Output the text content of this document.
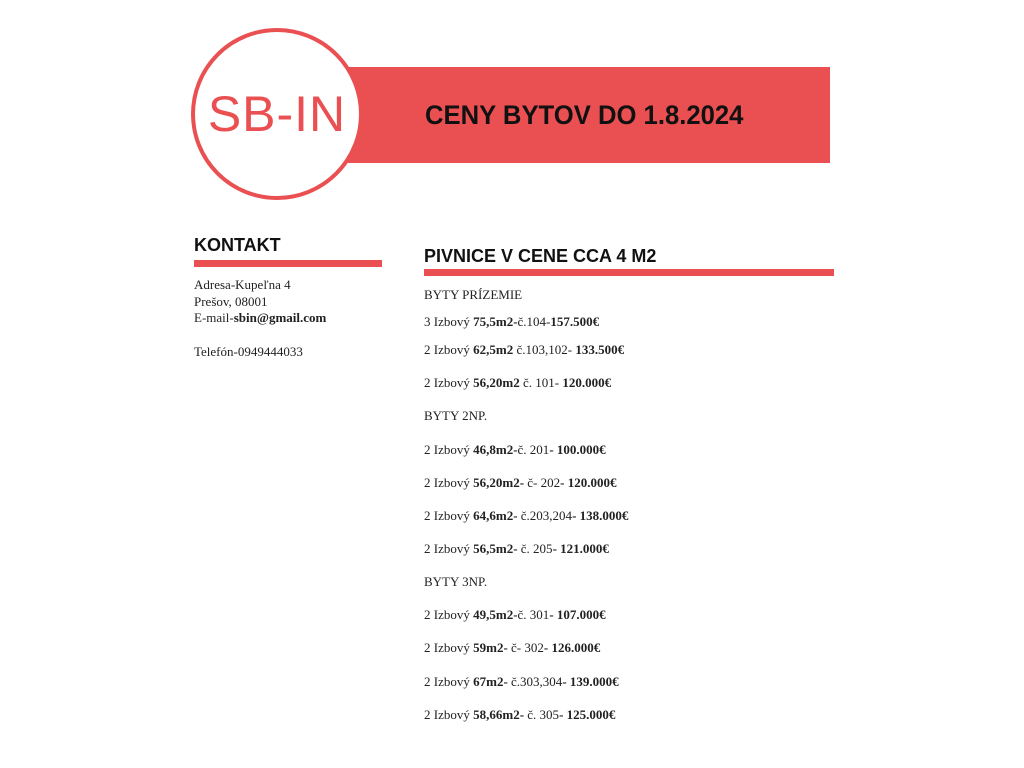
CENY BYTOV DO 1.8.2024
SB-IN
KONTAKT
Adresa-Kupeľna 4
Prešov, 08001
E-mail-sbin@gmail.com
Telefón-0949444033
PIVNICE V CENE CCA 4 M2
BYTY PRÍZEMIE
3 Izbový 75,5m2-č.104-157.500€
2 Izbový 62,5m2 č.103,102- 133.500€
2 Izbový 56,20m2 č. 101- 120.000€
BYTY 2NP.
2 Izbový 46,8m2-č. 201- 100.000€
2 Izbový 56,20m2- č- 202- 120.000€
2 Izbový 64,6m2- č.203,204- 138.000€
2 Izbový 56,5m2- č. 205- 121.000€
BYTY 3NP.
2 Izbový 49,5m2-č. 301- 107.000€
2 Izbový 59m2- č- 302- 126.000€
2 Izbový 67m2- č.303,304- 139.000€
2 Izbový 58,66m2- č. 305- 125.000€
